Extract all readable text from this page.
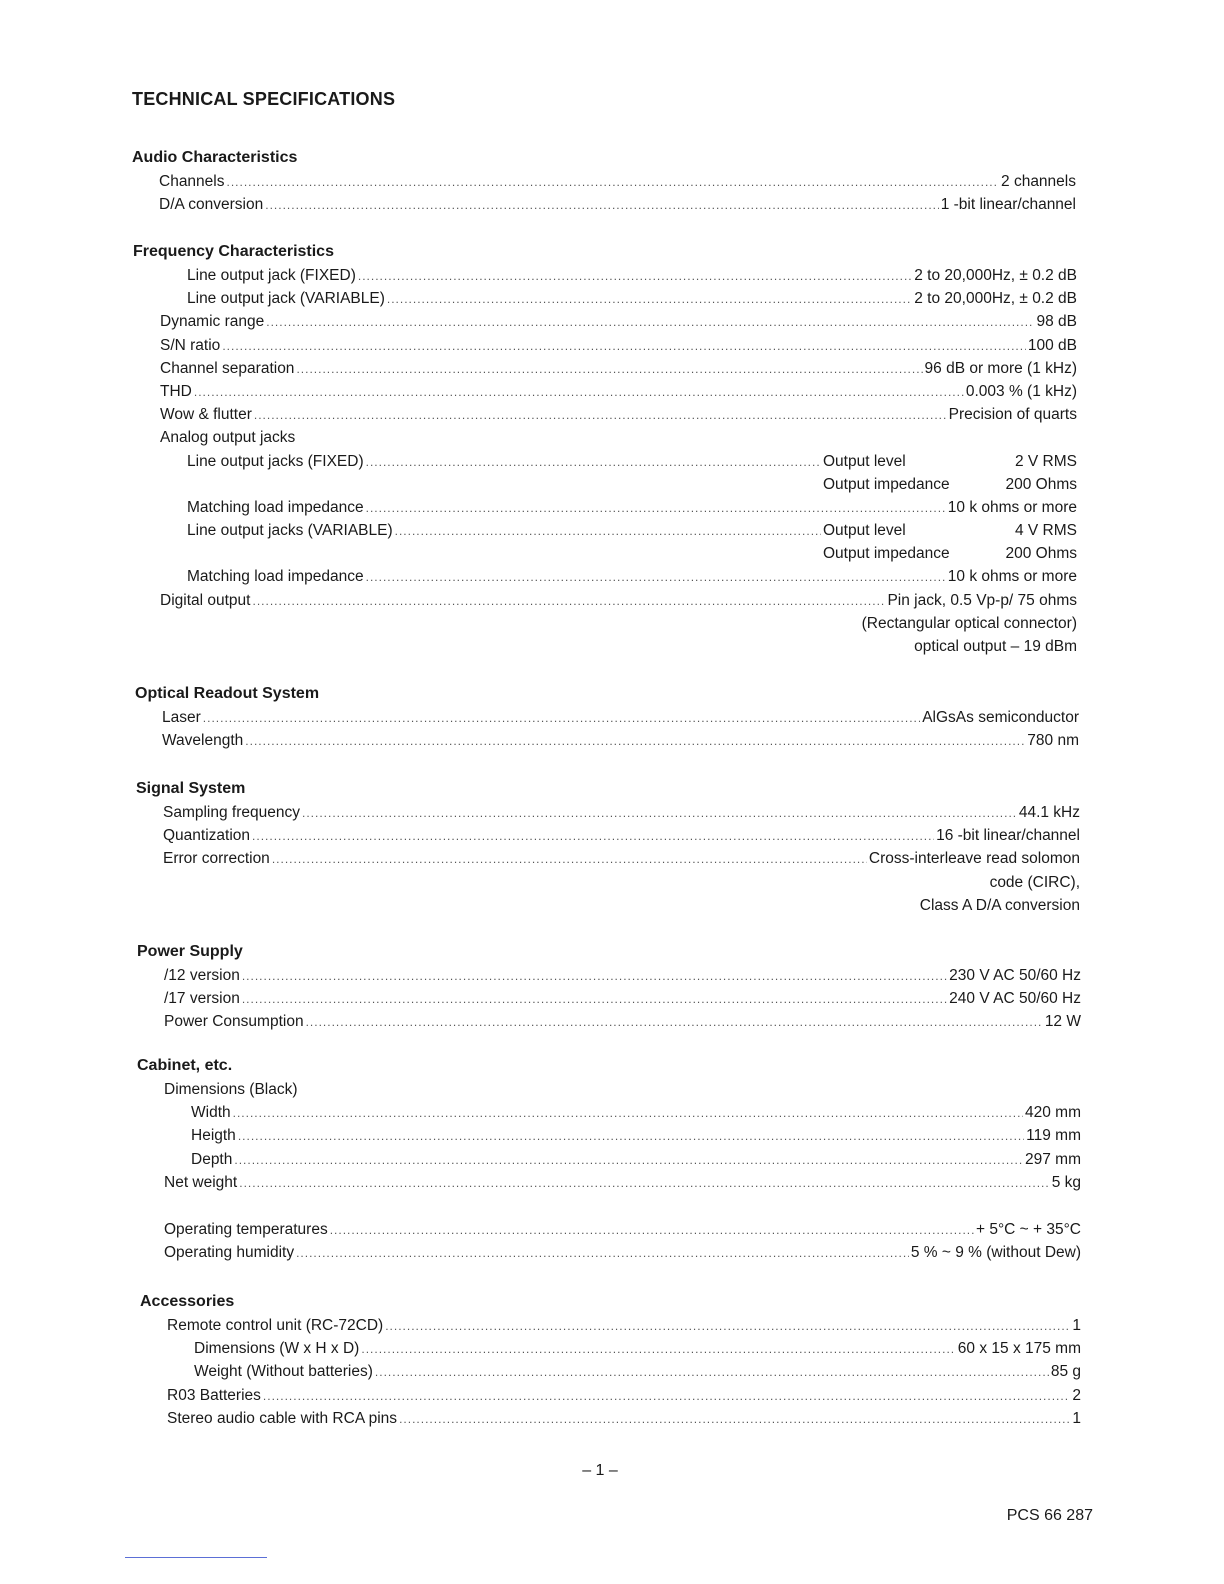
TECHNICAL SPECIFICATIONS
Audio Characteristics
Channels .....	2 channels
D/A conversion .....	1 -bit linear/channel
Frequency Characteristics
Line output jack (FIXED) .....	2 to 20,000Hz, ± 0.2 dB
Line output jack (VARIABLE) .....	2 to 20,000Hz, ± 0.2 dB
Dynamic range .....	98 dB
S/N ratio .....	100 dB
Channel separation .....	96 dB or more (1 kHz)
THD .....	0.003 % (1 kHz)
Wow & flutter .....	Precision of quarts
Analog output jacks
Line output jacks (FIXED) .....	Output level	2 V RMS
Output impedance	200 Ohms
Matching load impedance .....	10 k ohms or more
Line output jacks (VARIABLE) .....	Output level	4 V RMS
Output impedance	200 Ohms
Matching load impedance .....	10 k ohms or more
Digital output .....	Pin jack, 0.5 Vp-p/ 75 ohms
(Rectangular optical connector)
optical output – 19 dBm
Optical Readout System
Laser .....	AlGsAs semiconductor
Wavelength .....	780 nm
Signal System
Sampling frequency .....	44.1 kHz
Quantization .....	16 -bit linear/channel
Error correction .....	Cross-interleave read solomon
code (CIRC),
Class A D/A conversion
Power Supply
/12 version .....	230 V AC 50/60 Hz
/17 version .....	240 V AC 50/60 Hz
Power Consumption .....	12 W
Cabinet, etc.
Dimensions (Black)
Width .....	420 mm
Heigth .....	119 mm
Depth .....	297 mm
Net weight .....	5 kg
Operating temperatures .....	+ 5°C ~ + 35°C
Operating humidity .....	5 % ~ 9 % (without Dew)
Accessories
Remote control unit (RC-72CD) .....	1
Dimensions (W x H x D) .....	60 x 15 x 175 mm
Weight (Without batteries) .....	85 g
R03 Batteries .....	2
Stereo audio cable with RCA pins .....	1
– 1 –
PCS 66 287
